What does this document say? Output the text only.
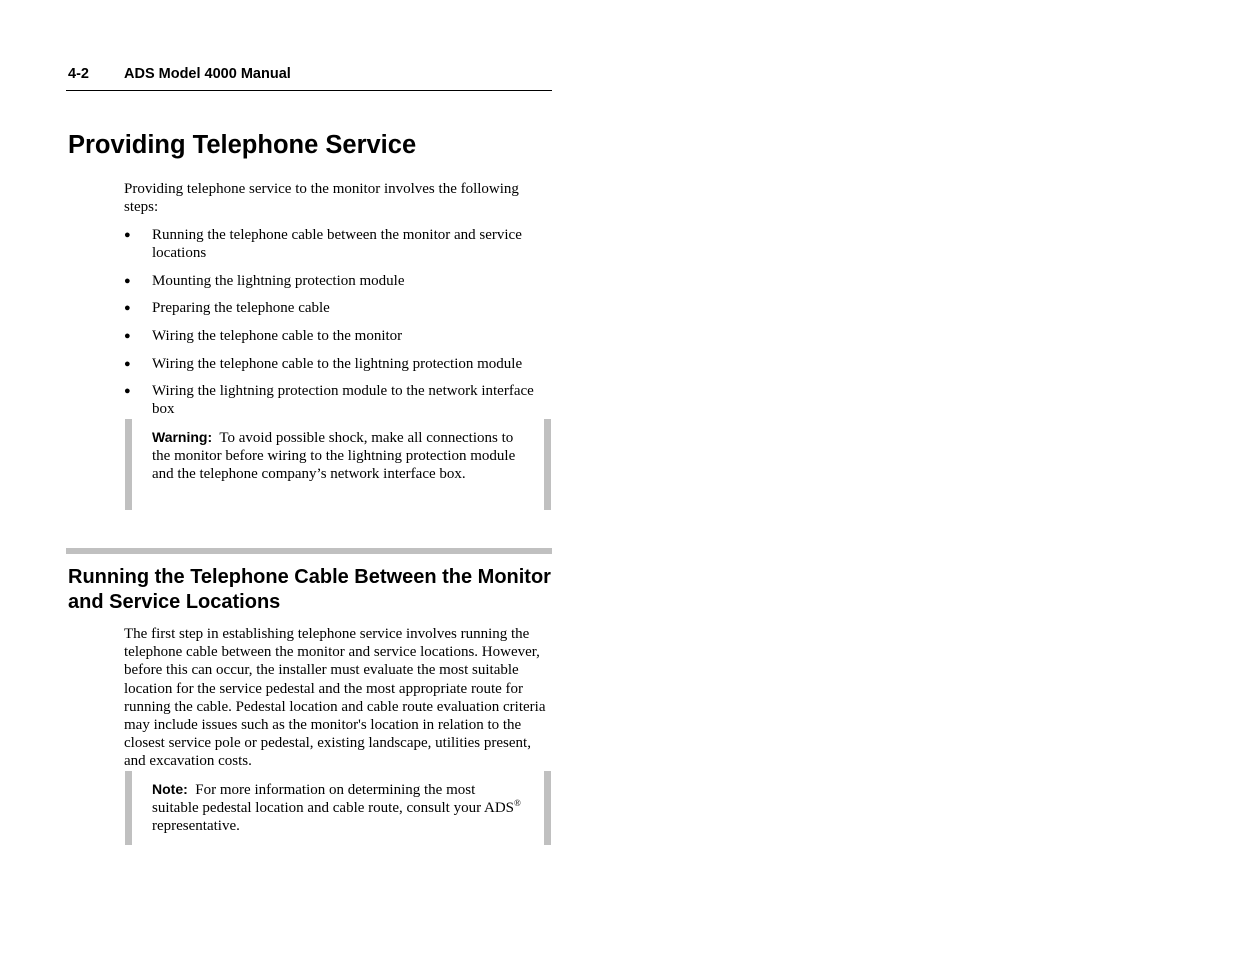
4-2 ADS Model 4000 Manual
Providing Telephone Service

Providing telephone service to the monitor involves the following steps:

● Running the telephone cable between the monitor and service locations
● Mounting the lightning protection module
● Preparing the telephone cable
● Wiring the telephone cable to the monitor
● Wiring the telephone cable to the lightning protection module
● Wiring the lightning protection module to the network interface box
Warning: To avoid possible shock, make all connections to the monitor before wiring to the lightning protection module and the telephone company’s network interface box.
Running the Telephone Cable Between the Monitor and Service Locations

The first step in establishing telephone service involves running the telephone cable between the monitor and service locations. However, before this can occur, the installer must evaluate the most suitable location for the service pedestal and the most appropriate route for running the cable. Pedestal location and cable route evaluation criteria may include issues such as the monitor's location in relation to the closest service pole or pedestal, existing landscape, utilities present, and excavation costs.

Note: For more information on determining the most suitable pedestal location and cable route, consult your ADS® representative.
